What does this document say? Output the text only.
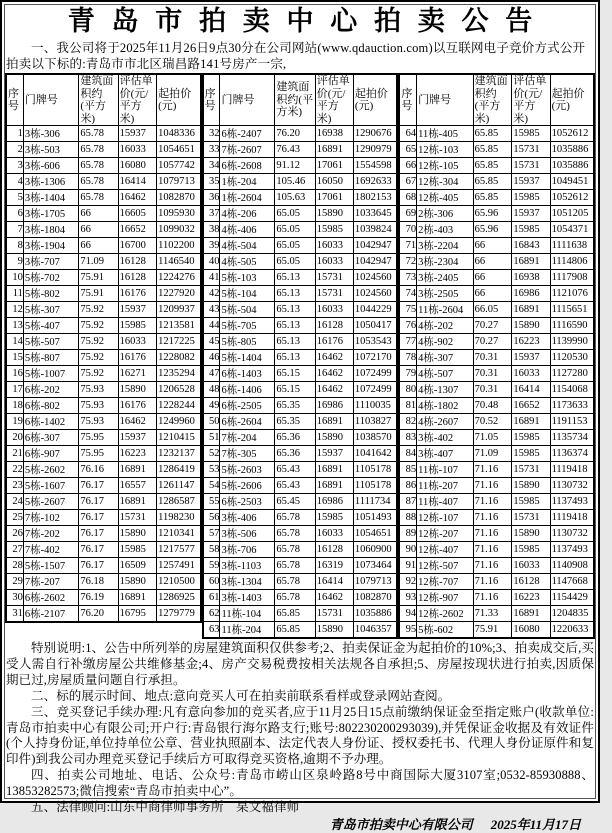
青岛市拍卖中心拍卖公告

一、我公司将于2025年11月26日9点30分在公司网站(www.qdauction.com)以互联网电子竞价方式公开拍卖以下标的:青岛市市北区瑞昌路141号房产一宗,

序号	门牌号	建筑面积约(平方米)	评估单价(元/平方米)	起拍价(元)
1	3栋-306	65.78	15937	1048336
2	3栋-503	65.78	16033	1054651
3	3栋-606	65.78	16080	1057742
4	3栋-1306	65.78	16414	1079713
5	3栋-1404	65.78	16462	1082870
6	3栋-1705	66	16605	1095930
7	3栋-1804	66	16652	1099032
8	3栋-1904	66	16700	1102200
9	3栋-707	71.09	16128	1146540
10	5栋-702	75.91	16128	1224276
11	5栋-802	75.91	16176	1227920
12	5栋-307	75.92	15937	1209937
13	5栋-407	75.92	15985	1213581
14	5栋-507	75.92	16033	1217225
15	5栋-807	75.92	16176	1228082
16	5栋-1007	75.92	16271	1235294
17	6栋-202	75.93	15890	1206528
18	6栋-802	75.93	16176	1228244
19	6栋-1402	75.93	16462	1249960
20	6栋-307	75.95	15937	1210415
21	6栋-907	75.95	16223	1232137
22	5栋-2602	76.16	16891	1286419
23	5栋-1607	76.17	16557	1261147
24	5栋-2607	76.17	16891	1286587
25	7栋-102	76.17	15731	1198230
26	7栋-202	76.17	15890	1210341
27	7栋-402	76.17	15985	1217577
28	5栋-1507	76.17	16509	1257491
29	7栋-207	76.18	15890	1210500
30	6栋-2602	76.19	16891	1286925
31	6栋-2107	76.20	16795	1279779
序号	门牌号	建筑面积约(平方米)	评估单价(元/平方米)	起拍价(元)
32	6栋-2407	76.20	16938	1290676
33	7栋-2607	76.43	16891	1290979
34	6栋-2608	91.12	17061	1554598
35	1栋-204	105.46	16050	1692633
36	1栋-2604	105.63	17061	1802153
37	4栋-206	65.05	15890	1033645
38	4栋-406	65.05	15985	1039824
39	4栋-504	65.05	16033	1042947
40	4栋-505	65.05	16033	1042947
41	5栋-103	65.13	15731	1024560
42	5栋-104	65.13	15731	1024560
43	5栋-504	65.13	16033	1044229
44	5栋-705	65.13	16128	1050417
45	5栋-805	65.13	16176	1053543
46	5栋-1404	65.13	16462	1072170
47	6栋-1403	65.15	16462	1072499
48	6栋-1406	65.15	16462	1072499
49	6栋-2505	65.35	16986	1110035
50	6栋-2604	65.35	16891	1103827
51	7栋-204	65.36	15890	1038570
52	7栋-305	65.36	15937	1041642
53	5栋-2603	65.43	16891	1105178
54	5栋-2606	65.43	16891	1105178
55	6栋-2503	65.45	16986	1111734
56	3栋-406	65.78	15985	1051493
57	3栋-506	65.78	16033	1054651
58	3栋-706	65.78	16128	1060900
59	3栋-1103	65.78	16319	1073464
60	3栋-1304	65.78	16414	1079713
61	3栋-1403	65.78	16462	1082870
62	11栋-104	65.85	15731	1035886
63	11栋-204	65.85	15890	1046357
序号	门牌号	建筑面积约(平方米)	评估单价(元/平方米)	起拍价(元)
64	11栋-405	65.85	15985	1052612
65	12栋-103	65.85	15731	1035886
66	12栋-105	65.85	15731	1035886
67	12栋-304	65.85	15937	1049451
68	12栋-405	65.85	15985	1052612
69	2栋-306	65.96	15937	1051205
70	2栋-403	65.96	15985	1054371
71	3栋-2204	66	16843	1111638
72	3栋-2304	66	16891	1114806
73	3栋-2405	66	16938	1117908
74	3栋-2505	66	16986	1121076
75	11栋-2604	66.05	16891	1115651
76	4栋-202	70.27	15890	1116590
77	4栋-902	70.27	16223	1139990
78	4栋-307	70.31	15937	1120530
79	4栋-507	70.31	16033	1127280
80	4栋-1307	70.31	16414	1154068
81	4栋-1802	70.48	16652	1173633
82	4栋-2607	70.52	16891	1191153
83	3栋-402	71.05	15985	1135734
84	3栋-407	71.09	15985	1136374
85	11栋-107	71.16	15731	1119418
86	11栋-207	71.16	15890	1130732
87	11栋-407	71.16	15985	1137493
88	12栋-107	71.16	15731	1119418
89	12栋-207	71.16	15890	1130732
90	12栋-407	71.16	15985	1137493
91	12栋-507	71.16	16033	1140908
92	12栋-707	71.16	16128	1147668
93	12栋-907	71.16	16223	1154429
94	12栋-2602	71.33	16891	1204835
95	5栋-602	75.91	16080	1220633

特别说明:1、公告中所列举的房屋建筑面积仅供参考;2、拍卖保证金为起拍价的10%;3、拍卖成交后,买受人需自行补缴房屋公共维修基金;4、房产交易税费按相关法规各自承担;5、房屋按现状进行拍卖,因质保期已过,房屋质量问题自行承担。

二、标的展示时间、地点:意向竞买人可在拍卖前联系看样或登录网站查阅。

三、竞买登记手续办理:凡有意向参加的竞买者,应于11月25日15点前缴纳保证金至指定账户(收款单位:青岛市拍卖中心有限公司;开户行:青岛银行海尔路支行;账号:802230200293039),并凭保证金收据及有效证件(个人持身份证,单位持单位公章、营业执照副本、法定代表人身份证、授权委托书、代理人身份证原件和复印件)到我公司办理竞买登记手续后方可取得竞买资格,逾期不予办理。

四、拍卖公司地址、电话、公众号:青岛市崂山区泉岭路8号中商国际大厦3107室;0532-85930888、13853282573;微信搜索“青岛市拍卖中心”。

五、法律顾问:山东中商律师事务所　杲文福律师

青岛市拍卖中心有限公司 2025年11月17日
